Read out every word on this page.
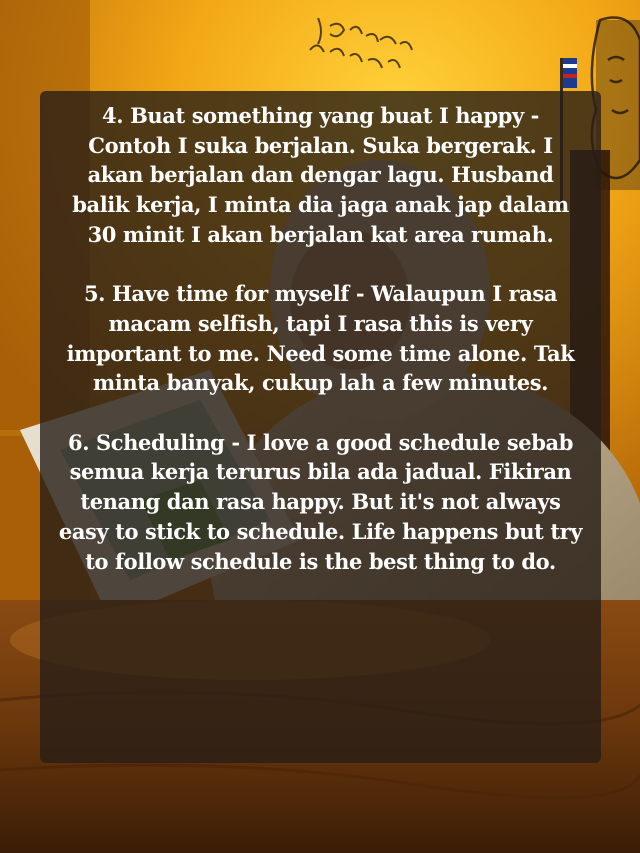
4. Buat something yang buat I happy - Contoh I suka berjalan. Suka bergerak. I akan berjalan dan dengar lagu. Husband balik kerja, I minta dia jaga anak jap dalam 30 minit I akan berjalan kat area rumah.

5. Have time for myself - Walaupun I rasa macam selfish, tapi I rasa this is very important to me. Need some time alone. Tak minta banyak, cukup lah a few minutes.

6. Scheduling - I love a good schedule sebab semua kerja terurus bila ada jadual. Fikiran tenang dan rasa happy. But it's not always easy to stick to schedule. Life happens but try to follow schedule is the best thing to do.
